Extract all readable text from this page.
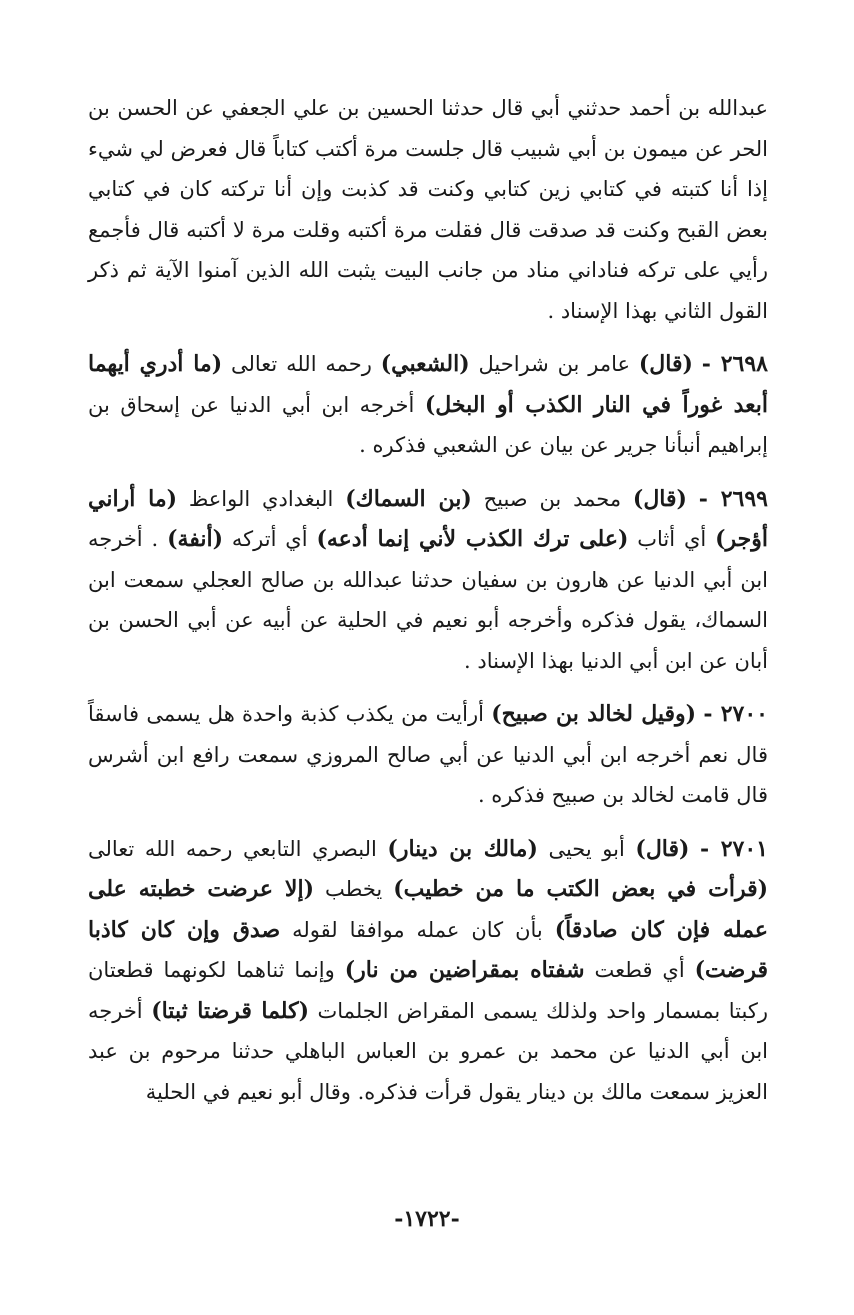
عبدالله بن أحمد حدثني أبي قال حدثنا الحسين بن علي الجعفي عن الحسن بن الحر عن ميمون بن أبي شبيب قال جلست مرة أكتب كتاباً قال فعرض لي شيء إذا أنا كتبته في كتابي زين كتابي وكنت قد كذبت وإن أنا تركته كان في كتابي بعض القبح وكنت قد صدقت قال فقلت مرة أكتبه وقلت مرة لا أكتبه قال فأجمع رأيي على تركه فناداني مناد من جانب البيت يثبت الله الذين آمنوا الآية ثم ذكر القول الثاني بهذا الإسناد .

٢٦٩٨ - (قال) عامر بن شراحيل (الشعبي) رحمه الله تعالى (ما أدري أيهما أبعد غوراً في النار الكذب أو البخل) أخرجه ابن أبي الدنيا عن إسحاق بن إبراهيم أنبأنا جرير عن بيان عن الشعبي فذكره .

٢٦٩٩ - (قال) محمد بن صبيح (بن السماك) البغدادي الواعظ (ما أراني أؤجر) أي أثاب (على ترك الكذب لأني إنما أدعه) أي أتركه (أنفة) . أخرجه ابن أبي الدنيا عن هارون بن سفيان حدثنا عبدالله بن صالح العجلي سمعت ابن السماك، يقول فذكره وأخرجه أبو نعيم في الحلية عن أبيه عن أبي الحسن بن أبان عن ابن أبي الدنيا بهذا الإسناد .

٢٧٠٠ - (وقيل لخالد بن صبيح) أرأيت من يكذب كذبة واحدة هل يسمى فاسقاً قال نعم أخرجه ابن أبي الدنيا عن أبي صالح المروزي سمعت رافع ابن أشرس قال قامت لخالد بن صبيح فذكره .

٢٧٠١ - (قال) أبو يحيى (مالك بن دينار) البصري التابعي رحمه الله تعالى (قرأت في بعض الكتب ما من خطيب) يخطب (إلا عرضت خطبته على عمله فإن كان صادقاً) بأن كان عمله موافقا لقوله صدق وإن كان كاذبا قرضت) أي قطعت شفتاه بمقراضين من نار) وإنما ثناهما لكونهما قطعتان ركبتا بمسمار واحد ولذلك يسمى المقراض الجلمات (كلما قرضتا ثبتا) أخرجه ابن أبي الدنيا عن محمد بن عمرو بن العباس الباهلي حدثنا مرحوم بن عبد العزيز سمعت مالك بن دينار يقول قرأت فذكره. وقال أبو نعيم في الحلية

-١٧٢٢-
